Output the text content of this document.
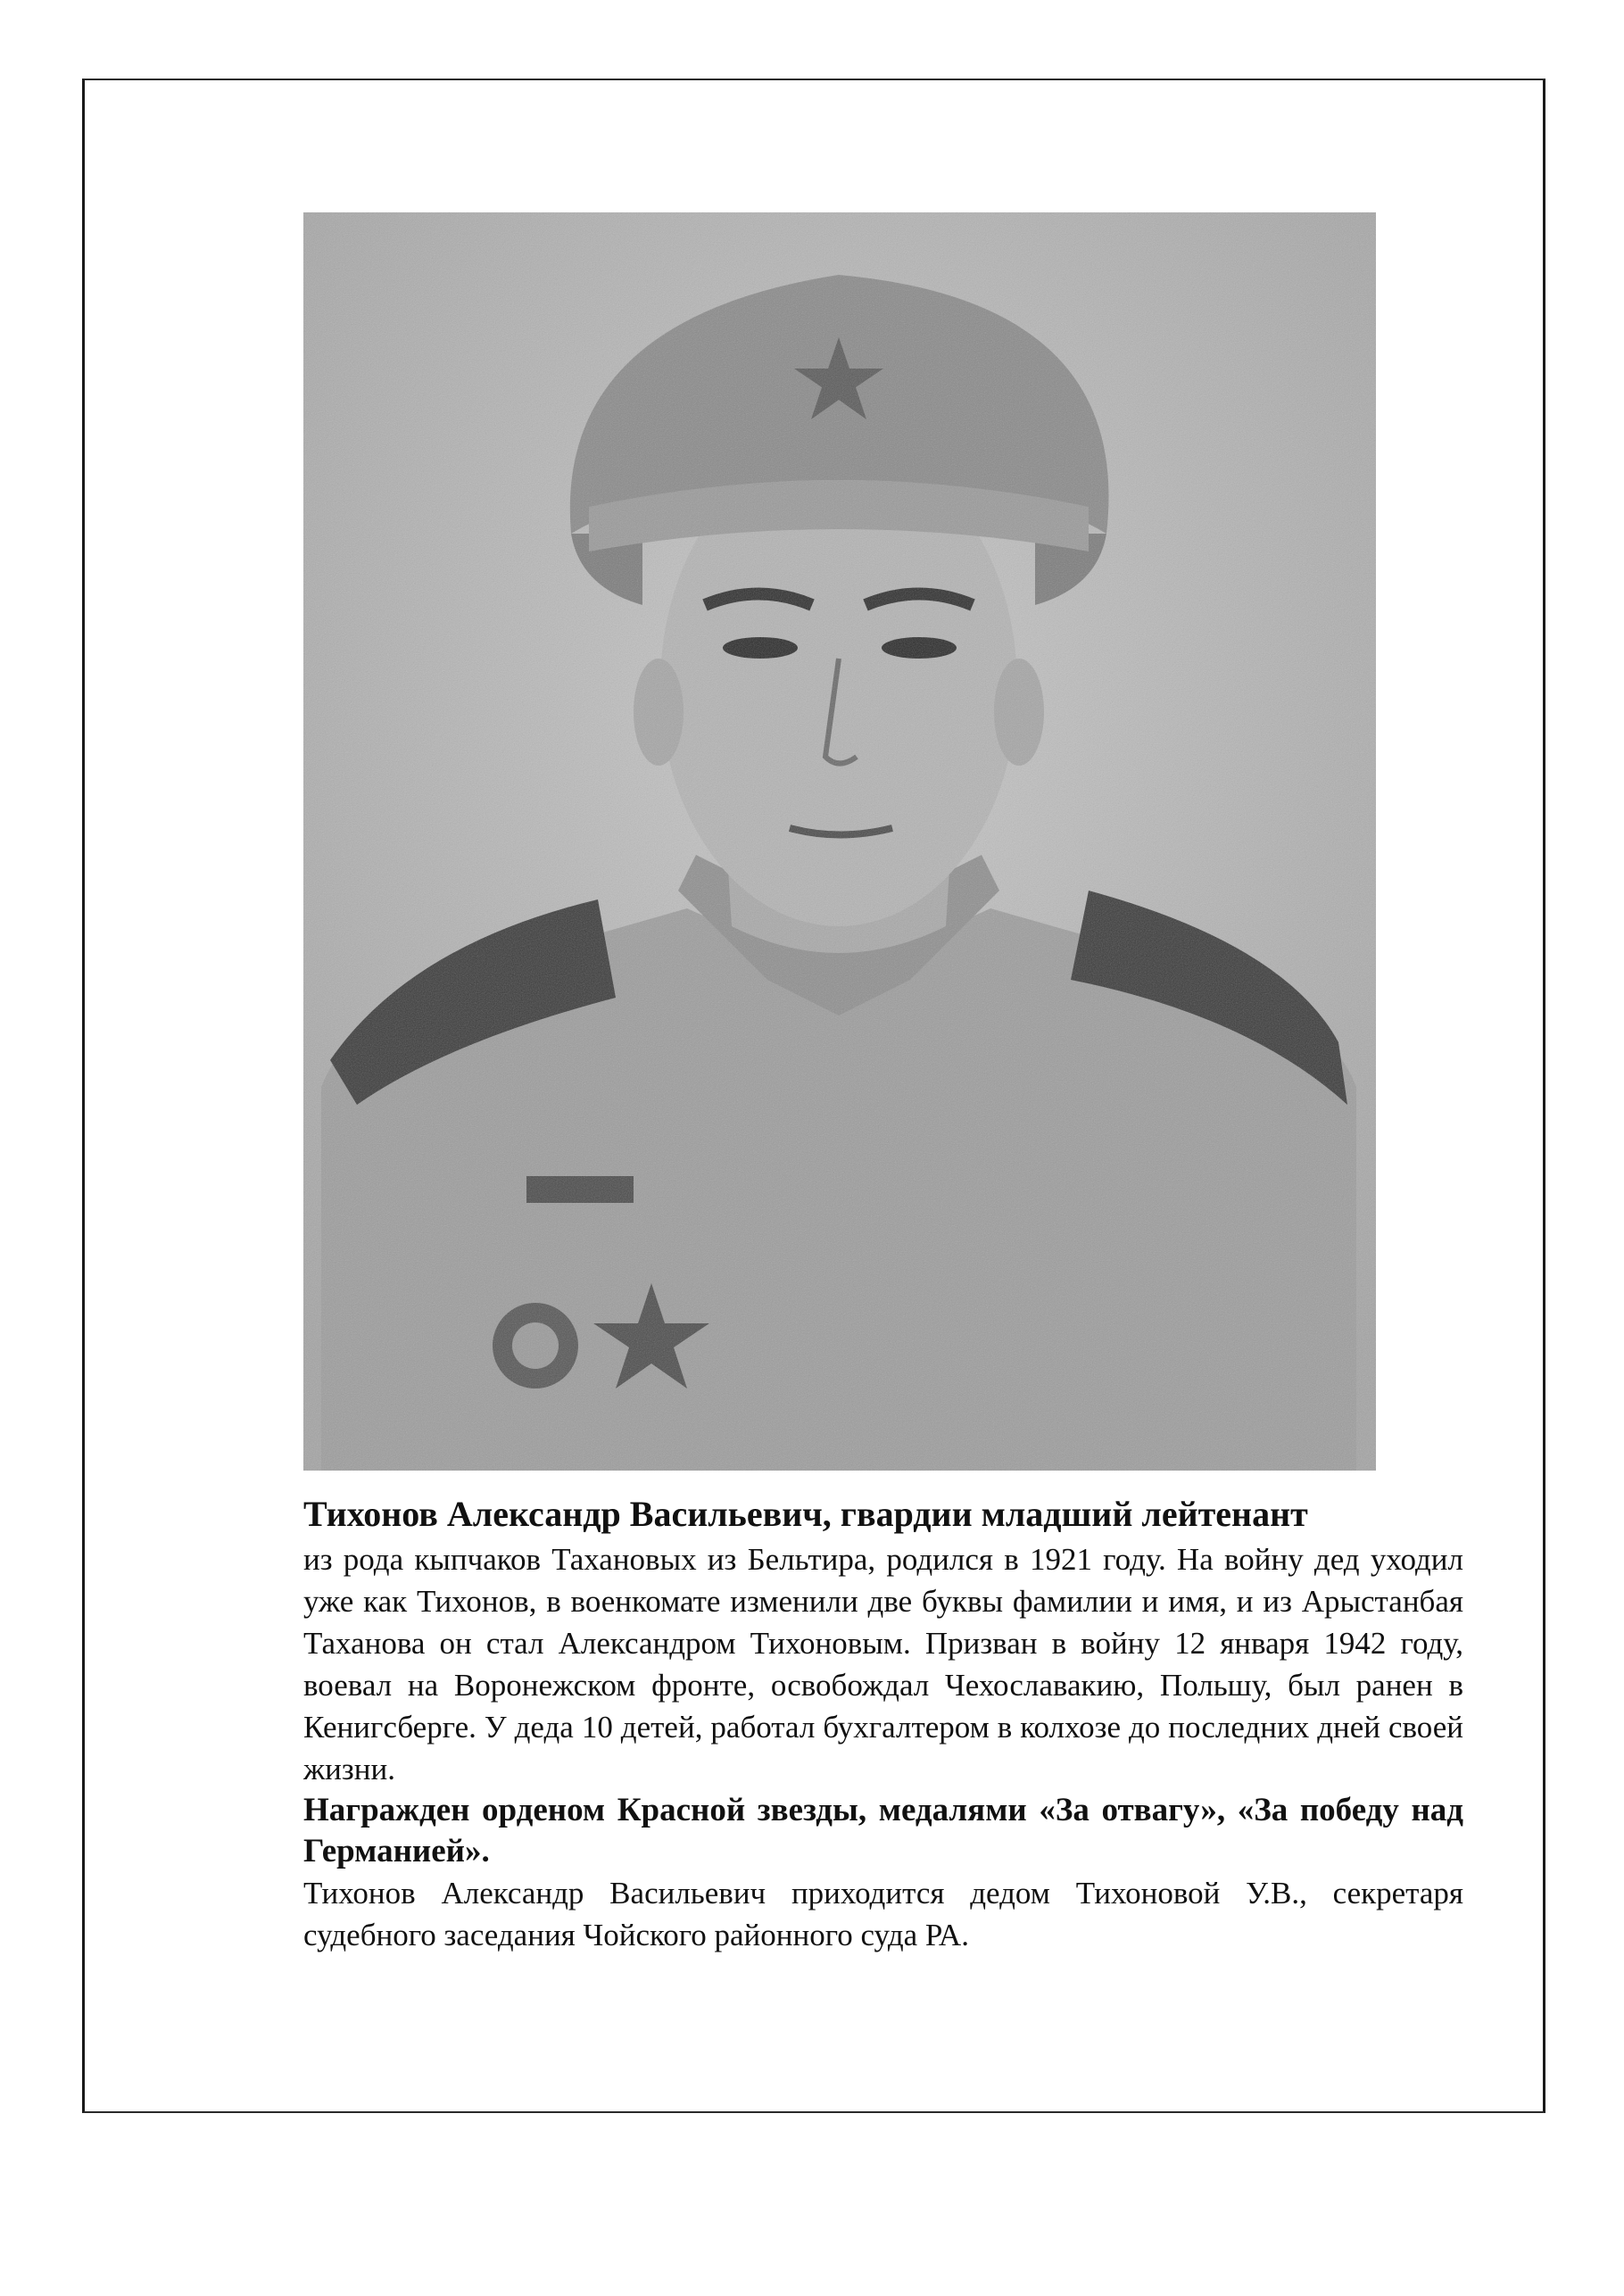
Тихонов Александр Васильевич, гвардии младший лейтенант

из рода кыпчаков Тахановых из Бельтира, родился в 1921 году. На войну дед уходил уже как Тихонов, в военкомате изменили две буквы фамилии и имя, и из Арыстанбая Таханова он стал Александром Тихоновым. Призван в войну 12 января 1942 году, воевал на Воронежском фронте, освобождал Чехославакию, Польшу, был ранен в Кенигсберге. У деда 10 детей, работал бухгалтером в колхозе до последних дней своей жизни.

Награжден орденом Красной звезды, медалями «За отвагу», «За победу над Германией».

Тихонов Александр Васильевич приходится дедом Тихоновой У.В., секретаря судебного заседания Чойского районного суда РА.
